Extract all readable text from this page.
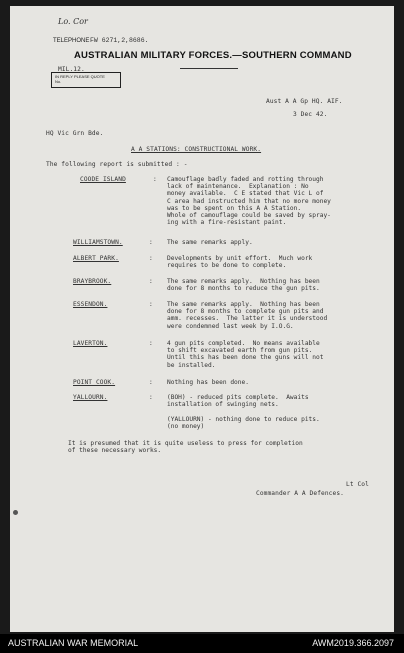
Lo. Cor
TELEPHONE FW 6271,2,8686.
AUSTRALIAN MILITARY FORCES.—SOUTHERN COMMAND
MIL.12.
IN REPLY PLEASE QUOTE
No.
Aust A A Gp HQ. AIF.
3 Dec 42.
HQ Vic Grn Bde.
A A STATIONS: CONSTRUCTIONAL WORK.
The following report is submitted : -
COODE ISLAND	: Camouflage badly faded and rotting through
lack of maintenance.  Explanation : No
money available.  C E stated that Vic L of
C area had instructed him that no more money
was to be spent on this A A Station.
Whole of camouflage could be saved by spray-
ing with a fire-resistant paint.
WILLIAMSTOWN.	: The same remarks apply.
ALBERT PARK.	: Developments by unit effort.  Much work
requires to be done to complete.
BRAYBROOK.	: The same remarks apply.  Nothing has been
done for 8 months to reduce the gun pits.
ESSENDON.	: The same remarks apply.  Nothing has been
done for 8 months to complete gun pits and
amm. recesses.  The latter it is understood
were condemned last week by I.O.G.
LAVERTON.	: 4 gun pits completed.  No means available
to shift excavated earth from gun pits.
Until this has been done the guns will not
be installed.
POINT COOK.	: Nothing has been done.
YALLOURN.	: (BOH) - reduced pits complete.  Awaits
installation of swinging nets.

(YALLOURN) - nothing done to reduce pits.
(no money)
It is presumed that it is quite useless to press for completion
of these necessary works.
Lt Col
Commander A A Defences.
AUSTRALIAN WAR MEMORIAL	AWM2019.366.2097
